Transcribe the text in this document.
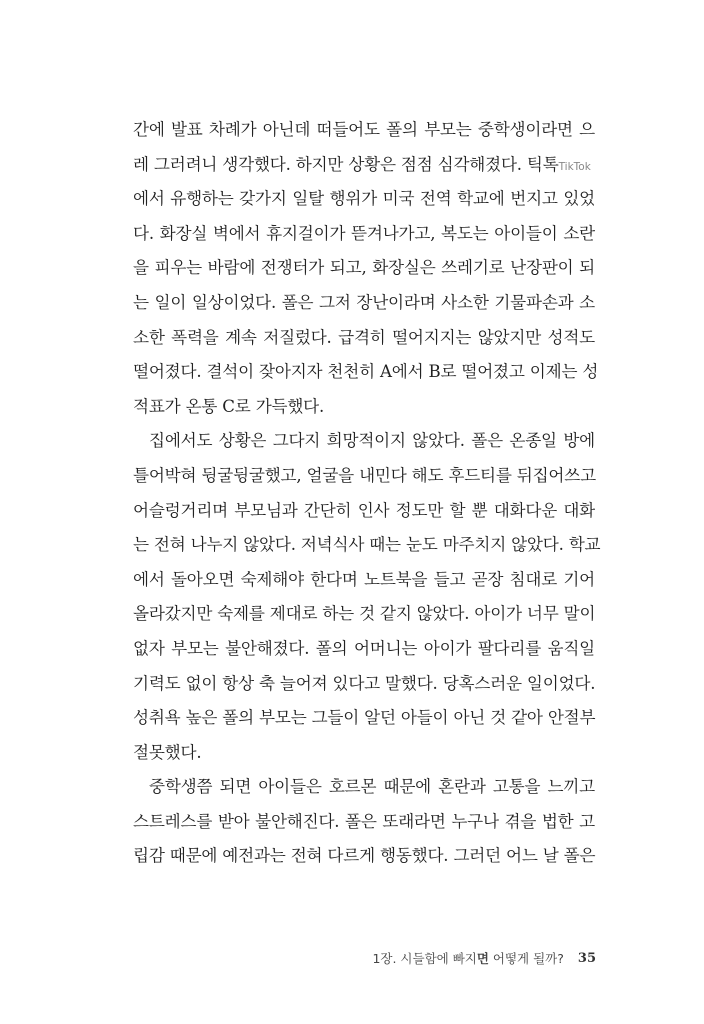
간에 발표 차례가 아닌데 떠들어도 폴의 부모는 중학생이라면 으
레 그러려니 생각했다. 하지만 상황은 점점 심각해졌다. 틱톡TikTok
에서 유행하는 갖가지 일탈 행위가 미국 전역 학교에 번지고 있었
다. 화장실 벽에서 휴지걸이가 뜯겨나가고, 복도는 아이들이 소란
을 피우는 바람에 전쟁터가 되고, 화장실은 쓰레기로 난장판이 되
는 일이 일상이었다. 폴은 그저 장난이라며 사소한 기물파손과 소
소한 폭력을 계속 저질렀다. 급격히 떨어지지는 않았지만 성적도
떨어졌다. 결석이 잦아지자 천천히 A에서 B로 떨어졌고 이제는 성
적표가 온통 C로 가득했다.
집에서도 상황은 그다지 희망적이지 않았다. 폴은 온종일 방에
틀어박혀 뒹굴뒹굴했고, 얼굴을 내민다 해도 후드티를 뒤집어쓰고
어슬렁거리며 부모님과 간단히 인사 정도만 할 뿐 대화다운 대화
는 전혀 나누지 않았다. 저녁식사 때는 눈도 마주치지 않았다. 학교
에서 돌아오면 숙제해야 한다며 노트북을 들고 곧장 침대로 기어
올라갔지만 숙제를 제대로 하는 것 같지 않았다. 아이가 너무 말이
없자 부모는 불안해졌다. 폴의 어머니는 아이가 팔다리를 움직일
기력도 없이 항상 축 늘어져 있다고 말했다. 당혹스러운 일이었다.
성취욕 높은 폴의 부모는 그들이 알던 아들이 아닌 것 같아 안절부
절못했다.
중학생쯤 되면 아이들은 호르몬 때문에 혼란과 고통을 느끼고
스트레스를 받아 불안해진다. 폴은 또래라면 누구나 겪을 법한 고
립감 때문에 예전과는 전혀 다르게 행동했다. 그러던 어느 날 폴은
1장. 시들함에 빠지면 어떻게 될까? 35
